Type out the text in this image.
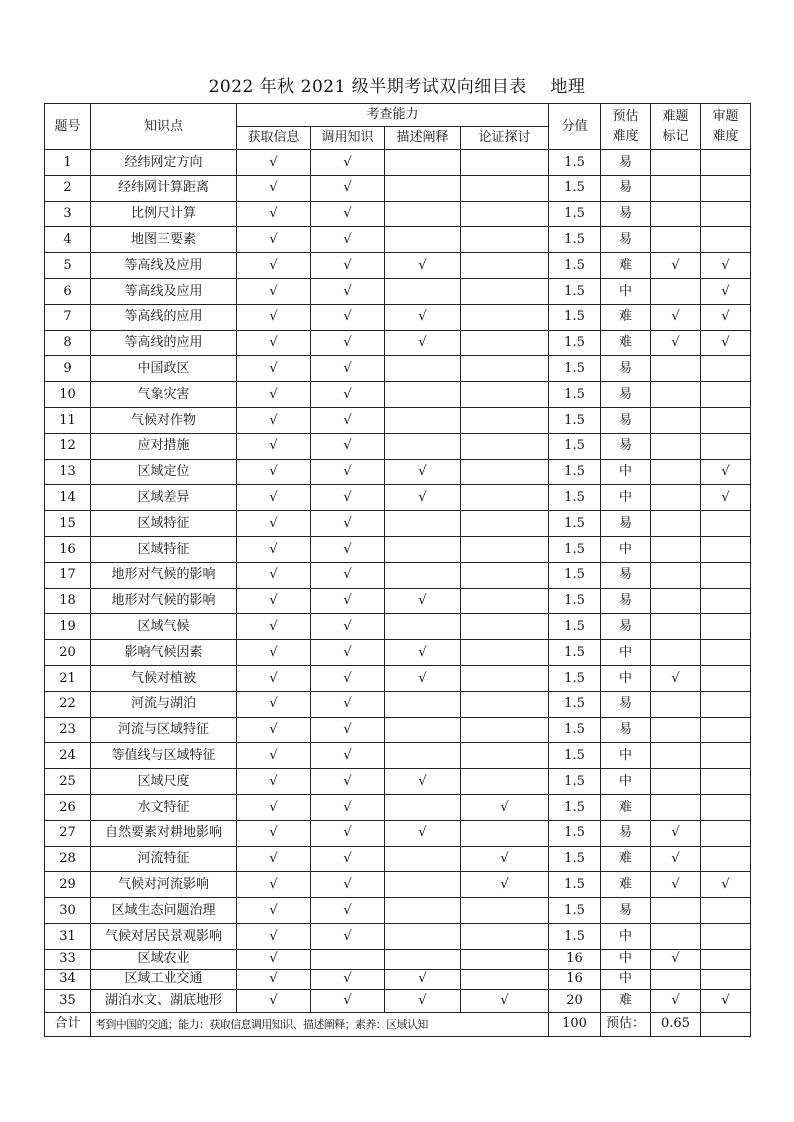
2022 年秋 2021 级半期考试双向细目表    地理
题号	知识点	考查能力				分值	预估难度	难题标记	审题难度

		获取信息	调用知识	描述阐释	论证探讨				
1	经纬网定方向	√	√			1.5	易		
2	经纬网计算距离	√	√			1.5	易		
3	比例尺计算	√	√			1.5	易		
4	地图三要素	√	√			1.5	易		
5	等高线及应用	√	√	√		1.5	难	√	√
6	等高线及应用	√	√			1.5	中		√
7	等高线的应用	√	√	√		1.5	难	√	√
8	等高线的应用	√	√	√		1.5	难	√	√
9	中国政区	√	√			1.5	易		
10	气象灾害	√	√			1.5	易		
11	气候对作物	√	√			1.5	易		
12	应对措施	√	√			1.5	易		
13	区域定位	√	√	√		1.5	中		√
14	区域差异	√	√	√		1.5	中		√
15	区域特征	√	√			1.5	易		
16	区域特征	√	√			1.5	中		
17	地形对气候的影响	√	√			1.5	易		
18	地形对气候的影响	√	√	√		1.5	易		
19	区域气候	√	√			1.5	易		
20	影响气候因素	√	√	√		1.5	中		
21	气候对植被	√	√	√		1.5	中	√	
22	河流与湖泊	√	√			1.5	易		
23	河流与区域特征	√	√			1.5	易		
24	等值线与区域特征	√	√			1.5	中		
25	区域尺度	√	√	√		1.5	中		
26	水文特征	√	√		√	1.5	难		
27	自然要素对耕地影响	√	√	√		1.5	易	√	
28	河流特征	√	√		√	1.5	难	√	
29	气候对河流影响	√	√		√	1.5	难	√	√
30	区域生态问题治理	√	√			1.5	易		
31	气候对居民景观影响	√	√			1.5	中		
33	区域农业	√				16	中	√	
34	区域工业交通	√	√	√		16	中		
35	湖泊水文、湖底地形	√	√	√	√	20	难	√	√
合计	考到中国的交通；能力：获取信息调用知识、描述阐释；素养：区域认知					100	预估：	0.65	
